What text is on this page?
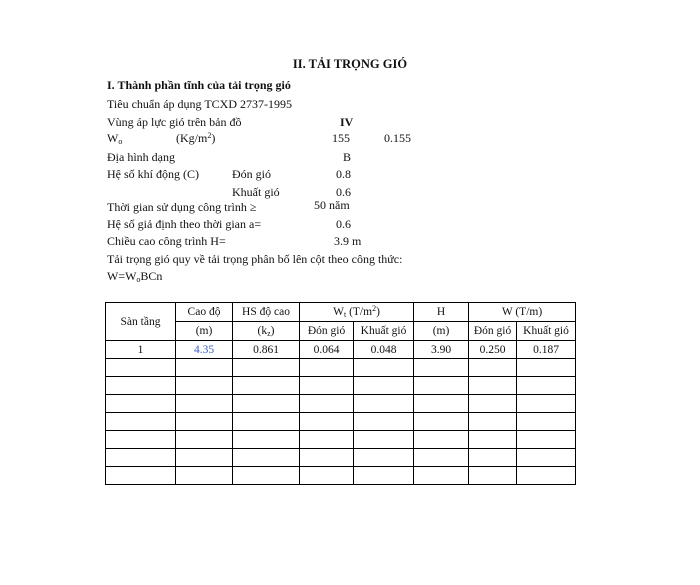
II. TẢI TRỌNG GIÓ
I. Thành phần tĩnh của tải trọng gió
Tiêu chuẩn áp dụng TCXD 2737-1995
Vùng áp lực gió trên bản đồ	IV
$W_o$	$(Kg/m^2)$	155	0.155
Địa hình dạng	B
Hệ số khí động (C)	Đón gió	0.8
Khuất gió	0.6
Thời gian sử dụng công trình ≥	50 năm
Hệ số giả định theo thời gian a=	0.6
Chiều cao công trình H=	3.9 m
Tải trọng gió quy về tải trọng phân bố lên cột theo công thức:
$W=W_oBCn$
Sàn tầng	Cao độ	HS độ cao	$W_t$ $(T/m^2)$		H	W (T/m)	
	(m)	$(k_z)$	Đón gió	Khuất gió	(m)	Đón gió	Khuất gió
1	4.35	0.861	0.064	0.048	3.90	0.250	0.187
